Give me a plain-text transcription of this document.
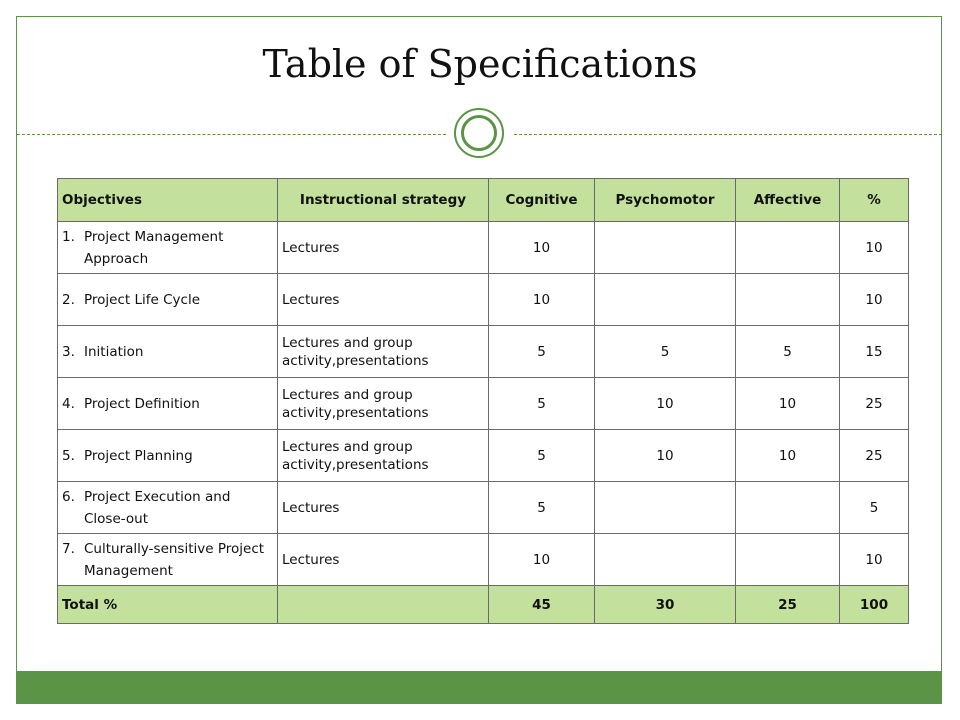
Table of Specifications
Objectives	Instructional strategy	Cognitive	Psychomotor	Affective	%

1. Project Management Approach	Lectures	10			10

2. Project Life Cycle	Lectures	10			10

3. Initiation	Lectures and group activity,presentations	5	5	5	15

4. Project Definition	Lectures and group activity,presentations	5	10	10	25

5. Project Planning	Lectures and group activity,presentations	5	10	10	25

6. Project Execution and Close-out	Lectures	5			5

7. Culturally-sensitive Project Management	Lectures	10			10
Total %		45	30	25	100
